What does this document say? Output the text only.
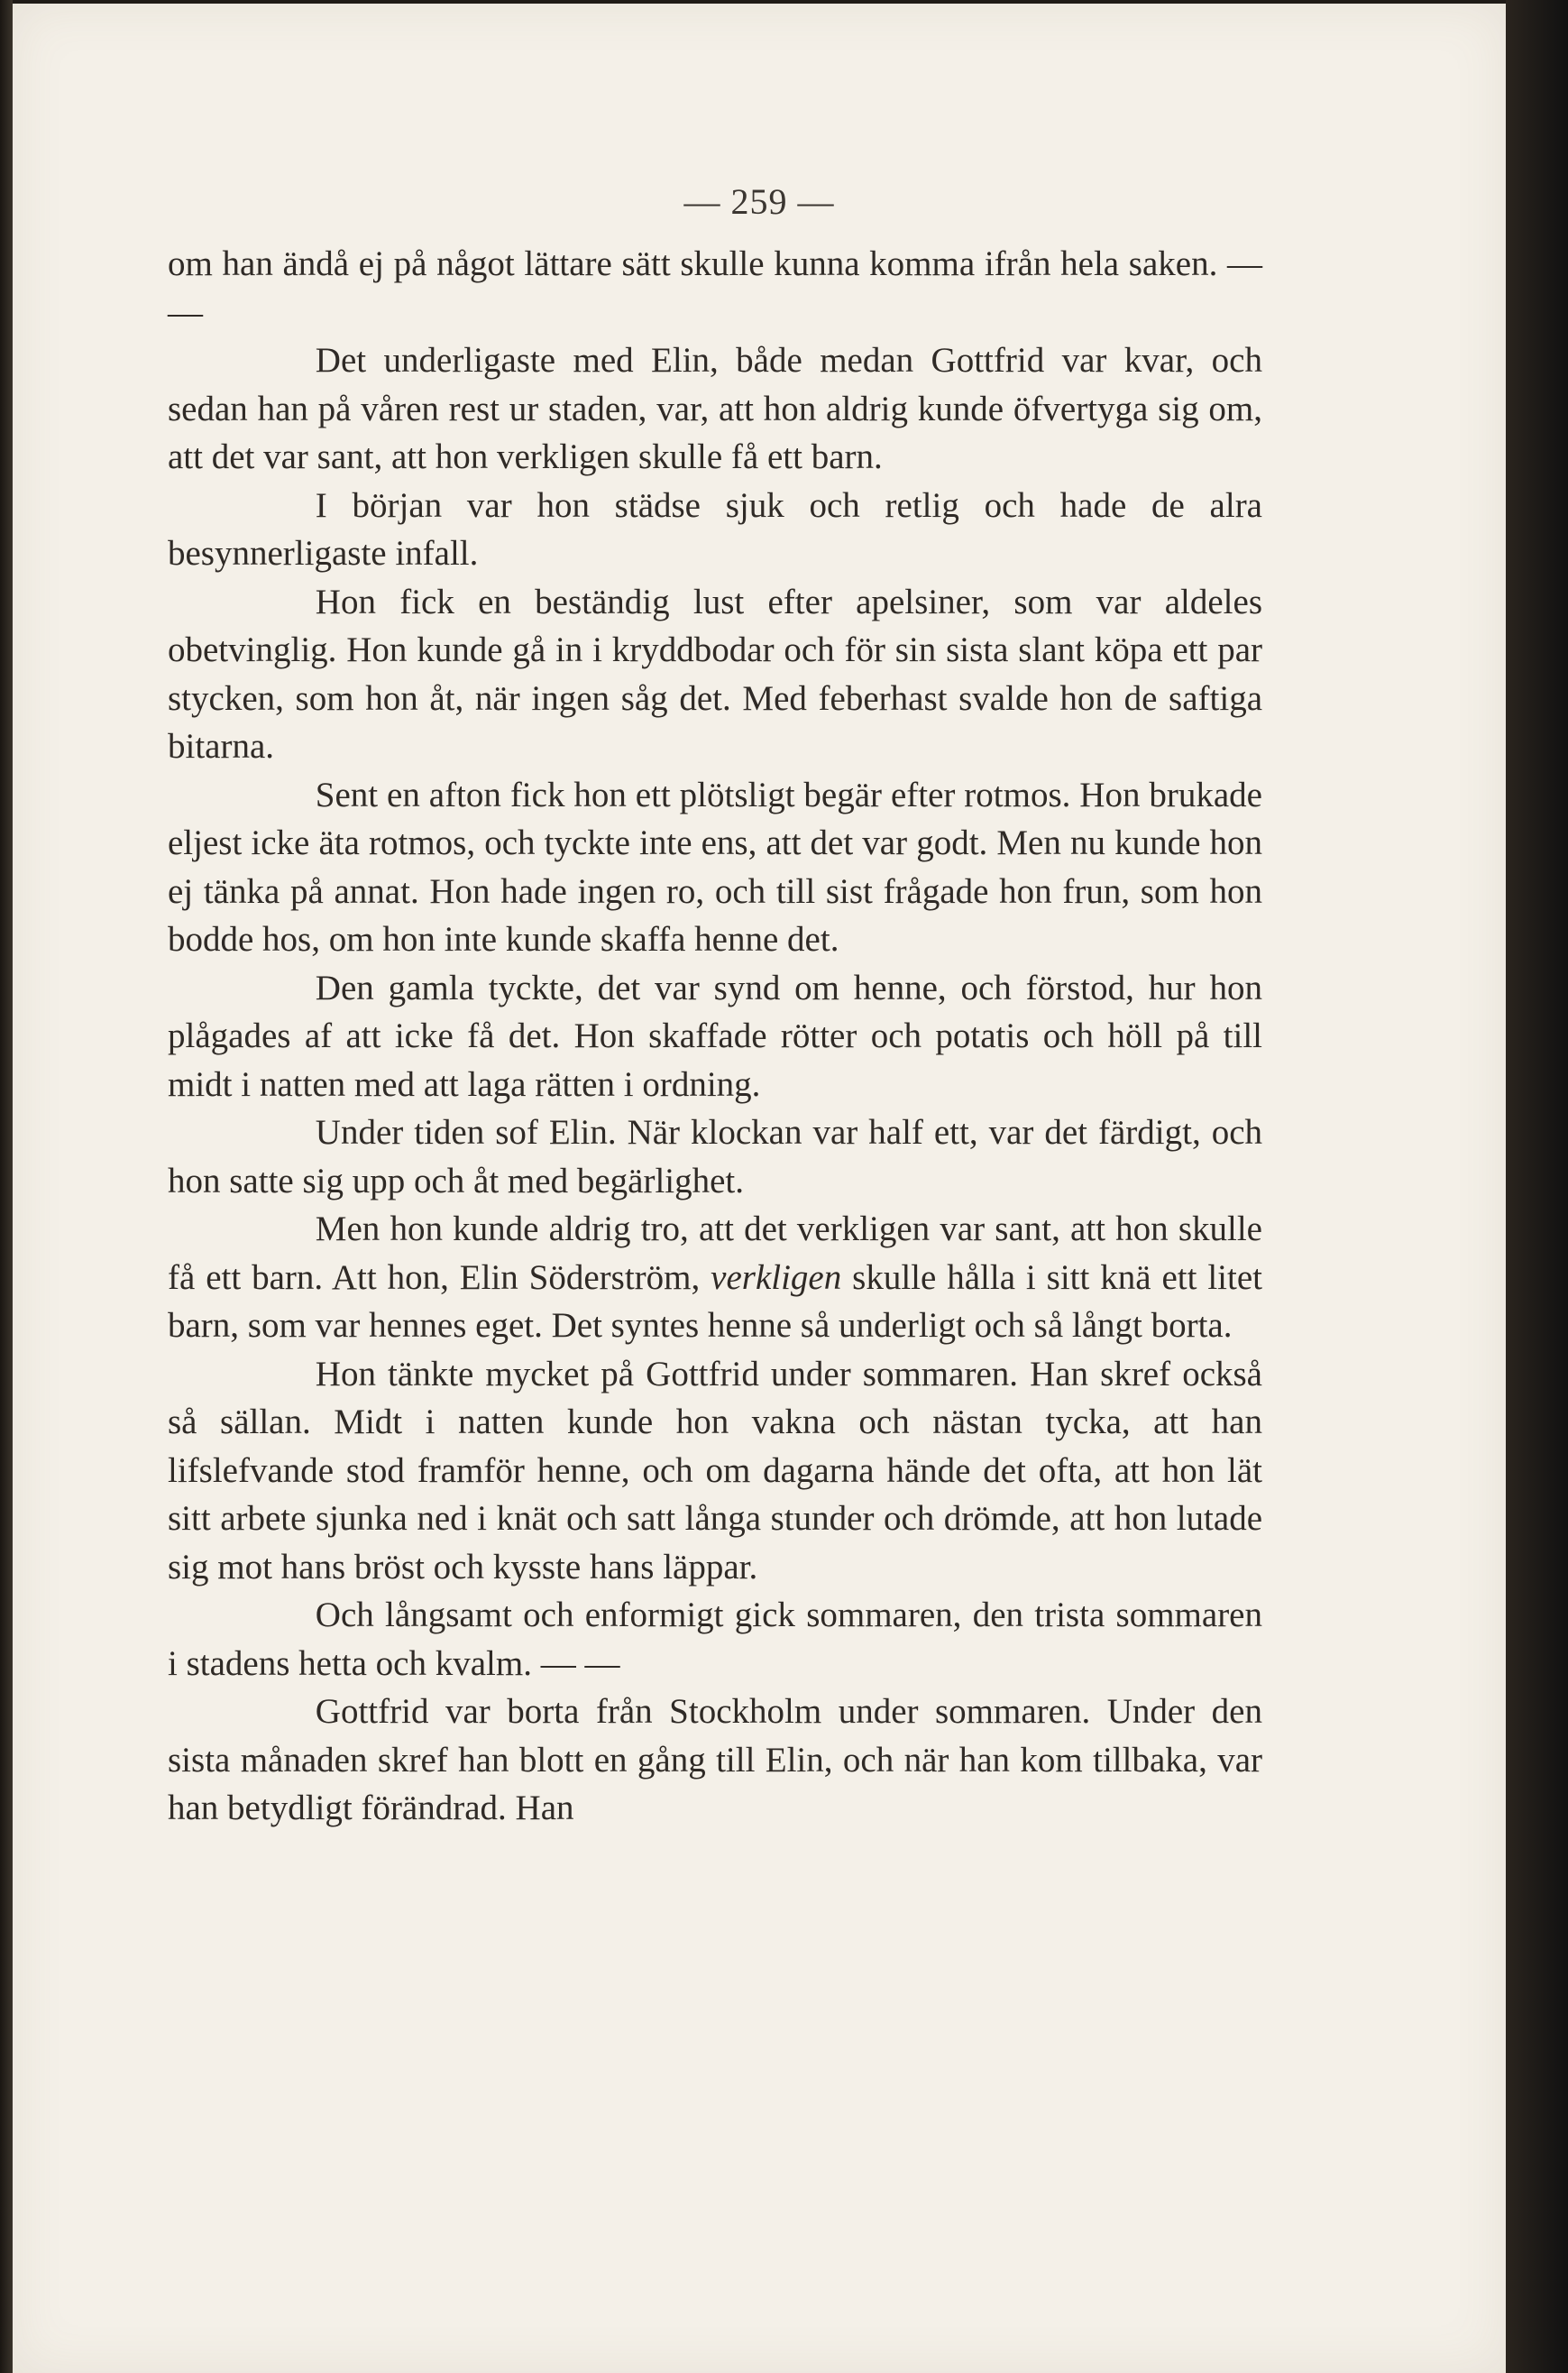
— 259 —

om han ändå ej på något lättare sätt skulle kunna komma ifrån hela saken. — —

Det underligaste med Elin, både medan Gottfrid var kvar, och sedan han på våren rest ur staden, var, att hon aldrig kunde öfvertyga sig om, att det var sant, att hon verkligen skulle få ett barn.

I början var hon städse sjuk och retlig och hade de alra besynnerligaste infall.

Hon fick en beständig lust efter apelsiner, som var aldeles obetvinglig. Hon kunde gå in i kryddbodar och för sin sista slant köpa ett par stycken, som hon åt, när ingen såg det. Med feberhast svalde hon de saftiga bitarna.

Sent en afton fick hon ett plötsligt begär efter rotmos. Hon brukade eljest icke äta rotmos, och tyckte inte ens, att det var godt. Men nu kunde hon ej tänka på annat. Hon hade ingen ro, och till sist frågade hon frun, som hon bodde hos, om hon inte kunde skaffa henne det.

Den gamla tyckte, det var synd om henne, och förstod, hur hon plågades af att icke få det. Hon skaffade rötter och potatis och höll på till midt i natten med att laga rätten i ordning.

Under tiden sof Elin. När klockan var half ett, var det färdigt, och hon satte sig upp och åt med begärlighet.

Men hon kunde aldrig tro, att det verkligen var sant, att hon skulle få ett barn. Att hon, Elin Söderström, verkligen skulle hålla i sitt knä ett litet barn, som var hennes eget. Det syntes henne så underligt och så långt borta.

Hon tänkte mycket på Gottfrid under sommaren. Han skref också så sällan. Midt i natten kunde hon vakna och nästan tycka, att han lifslefvande stod framför henne, och om dagarna hände det ofta, att hon lät sitt arbete sjunka ned i knät och satt långa stunder och drömde, att hon lutade sig mot hans bröst och kysste hans läppar.

Och långsamt och enformigt gick sommaren, den trista sommaren i stadens hetta och kvalm. — —

Gottfrid var borta från Stockholm under sommaren. Under den sista månaden skref han blott en gång till Elin, och när han kom tillbaka, var han betydligt förändrad. Han
